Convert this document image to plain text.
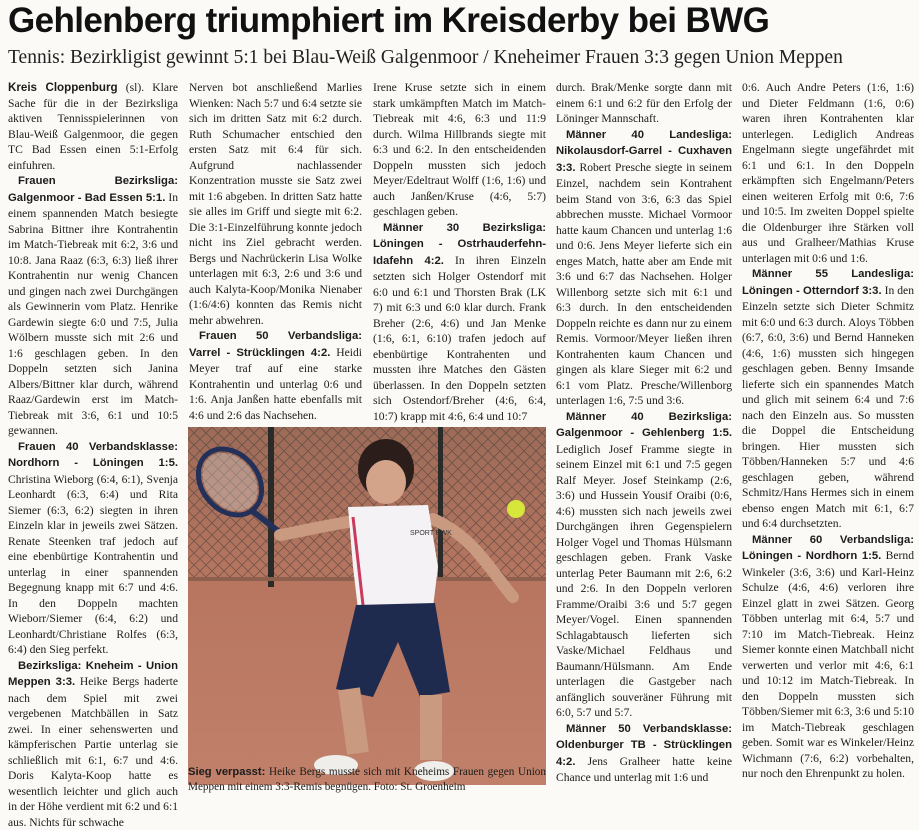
Gehlenberg triumphiert im Kreisderby bei BWG
Tennis: Bezirkligist gewinnt 5:1 bei Blau-Weiß Galgenmoor / Kneheimer Frauen 3:3 gegen Union Meppen

Kreis Cloppenburg (sl). Klare Sache für die in der Bezirksliga aktiven Tennisspielerinnen von Blau-Weiß Galgenmoor, die gegen TC Bad Essen einen 5:1-Erfolg einfuhren.

Frauen Bezirksliga: Galgenmoor - Bad Essen 5:1. In einem spannenden Match besiegte Sabrina Bittner ihre Kontrahentin im Match-Tiebreak mit 6:2, 3:6 und 10:8. Jana Raaz (6:3, 6:3) ließ ihrer Kontrahentin nur wenig Chancen und gingen nach zwei Durchgängen als Gewinnerin vom Platz. Henrike Gardewin siegte 6:0 und 7:5, Julia Wölbern musste sich mit 2:6 und 1:6 geschlagen geben. In den Doppeln setzten sich Janina Albers/Bittner klar durch, während Raaz/Gardewin erst im Match-Tiebreak mit 3:6, 6:1 und 10:5 gewannen.

Frauen 40 Verbandsklasse: Nordhorn - Löningen 1:5. Christina Wieborg (6:4, 6:1), Svenja Leonhardt (6:3, 6:4) und Rita Siemer (6:3, 6:2) siegten in ihren Einzeln klar in jeweils zwei Sätzen. Renate Steenken traf jedoch auf eine ebenbürtige Kontrahentin und unterlag in einer spannenden Begegnung knapp mit 6:7 und 4:6. In den Doppeln machten Wieborr/Siemer (6:4, 6:2) und Leonhardt/Christiane Rolfes (6:3, 6:4) den Sieg perfekt.

Bezirksliga: Kneheim - Union Meppen 3:3. Heike Bergs haderte nach dem Spiel mit zwei vergebenen Matchbällen in Satz zwei. In einer sehenswerten und kämpferischen Partie unterlag sie schließlich mit 6:1, 6:7 und 4:6. Doris Kalyta-Koop hatte es wesentlich leichter und glich auch in der Höhe verdient mit 6:2 und 6:1 aus. Nichts für schwache

Nerven bot anschließend Marlies Wienken: Nach 5:7 und 6:4 setzte sie sich im dritten Satz mit 6:2 durch. Ruth Schumacher entschied den ersten Satz mit 6:4 für sich. Aufgrund nachlassender Konzentration musste sie Satz zwei mit 1:6 abgeben. In dritten Satz hatte sie alles im Griff und siegte mit 6:2. Die 3:1-Einzelführung konnte jedoch nicht ins Ziel gebracht werden. Bergs und Nachrückerin Lisa Wolke unterlagen mit 6:3, 2:6 und 3:6 und auch Kalyta-Koop/Monika Nienaber (1:6/4:6) konnten das Remis nicht mehr abwehren.

Frauen 50 Verbandsliga: Varrel - Strücklingen 4:2. Heidi Meyer traf auf eine starke Kontrahentin und unterlag 0:6 und 1:6. Anja Janßen hatte ebenfalls mit 4:6 und 2:6 das Nachsehen.

Irene Kruse setzte sich in einem stark umkämpften Match im Match-Tiebreak mit 4:6, 6:3 und 11:9 durch. Wilma Hillbrands siegte mit 6:3 und 6:2. In den entscheidenden Doppeln mussten sich jedoch Meyer/Edeltraut Wolff (1:6, 1:6) und auch Janßen/Kruse (4:6, 5:7) geschlagen geben.

Männer 30 Bezirksliga: Löningen - Ostrhauderfehn-Idafehn 4:2. In ihren Einzeln setzten sich Holger Ostendorf mit 6:0 und 6:1 und Thorsten Brak (LK 7) mit 6:3 und 6:0 klar durch. Frank Breher (2:6, 4:6) und Jan Menke (1:6, 6:1, 6:10) trafen jedoch auf ebenbürtige Kontrahenten und mussten ihre Matches den Gästen überlassen. In den Doppeln setzten sich Ostendorf/Breher (4:6, 6:4, 10:7) krapp mit 4:6, 6:4 und 10:7

SPORT BWK

durch. Brak/Menke sorgte dann mit einem 6:1 und 6:2 für den Erfolg der Löninger Mannschaft.

Männer 40 Landesliga: Nikolausdorf-Garrel - Cuxhaven 3:3. Robert Presche siegte in seinem Einzel, nachdem sein Kontrahent beim Stand von 3:6, 6:3 das Spiel abbrechen musste. Michael Vormoor hatte kaum Chancen und unterlag 1:6 und 0:6. Jens Meyer lieferte sich ein enges Match, hatte aber am Ende mit 3:6 und 6:7 das Nachsehen. Holger Willenborg setzte sich mit 6:1 und 6:3 durch. In den entscheidenden Doppeln reichte es dann nur zu einem Remis. Vormoor/Meyer ließen ihren Kontrahenten kaum Chancen und gingen als klare Sieger mit 6:2 und 6:1 vom Platz. Presche/Willenborg unterlagen 1:6, 7:5 und 3:6.

Männer 40 Bezirksliga: Galgenmoor - Gehlenberg 1:5. Lediglich Josef Framme siegte in seinem Einzel mit 6:1 und 7:5 gegen Ralf Meyer. Josef Steinkamp (2:6, 3:6) und Hussein Yousif Oraibi (0:6, 4:6) mussten sich nach jeweils zwei Durchgängen ihren Gegenspielern Holger Vogel und Thomas Hülsmann geschlagen geben. Frank Vaske unterlag Peter Baumann mit 2:6, 6:2 und 2:6. In den Doppeln verloren Framme/Oraibi 3:6 und 5:7 gegen Meyer/Vogel. Einen spannenden Schlagabtausch lieferten sich Vaske/Michael Feldhaus und Baumann/Hülsmann. Am Ende unterlagen die Gastgeber nach anfänglich souveräner Führung mit 6:0, 5:7 und 5:7.

Männer 50 Verbandsklasse: Oldenburger TB - Strücklingen 4:2. Jens Gralheer hatte keine Chance und unterlag mit 1:6 und

0:6. Auch Andre Peters (1:6, 1:6) und Dieter Feldmann (1:6, 0:6) waren ihren Kontrahenten klar unterlegen. Lediglich Andreas Engelmann siegte ungefährdet mit 6:1 und 6:1. In den Doppeln erkämpften sich Engelmann/Peters einen weiteren Erfolg mit 0:6, 7:6 und 10:5. Im zweiten Doppel spielte die Oldenburger ihre Stärken voll aus und Gralheer/Mathias Kruse unterlagen mit 0:6 und 1:6.

Männer 55 Landesliga: Löningen - Otterndorf 3:3. In den Einzeln setzte sich Dieter Schmitz mit 6:0 und 6:3 durch. Aloys Többen (6:7, 6:0, 3:6) und Bernd Hanneken (4:6, 1:6) mussten sich hingegen geschlagen geben. Benny Imsande lieferte sich ein spannendes Match und glich mit seinem 6:4 und 7:6 nach den Einzeln aus. So mussten die Doppel die Entscheidung bringen. Hier mussten sich Többen/Hanneken 5:7 und 4:6 geschlagen geben, während Schmitz/Hans Hermes sich in einem ebenso engen Match mit 6:1, 6:7 und 6:4 durchsetzten.

Männer 60 Verbandsliga: Löningen - Nordhorn 1:5. Bernd Winkeler (3:6, 3:6) und Karl-Heinz Schulze (4:6, 4:6) verloren ihre Einzel glatt in zwei Sätzen. Georg Többen unterlag mit 6:4, 5:7 und 7:10 im Match-Tiebreak. Heinz Siemer konnte einen Matchball nicht verwerten und verlor mit 4:6, 6:1 und 10:12 im Match-Tiebreak. In den Doppeln mussten sich Többen/Siemer mit 6:3, 3:6 und 5:10 im Match-Tiebreak geschlagen geben. Somit war es Winkeler/Heinz Wichmann (7:6, 6:2) vorbehalten, nur noch den Ehrenpunkt zu holen.

Sieg verpasst: Heike Bergs musste sich mit Kneheims Frauen gegen Union Meppen mit einem 3:3-Remis begnügen. Foto: St. Groenheim
